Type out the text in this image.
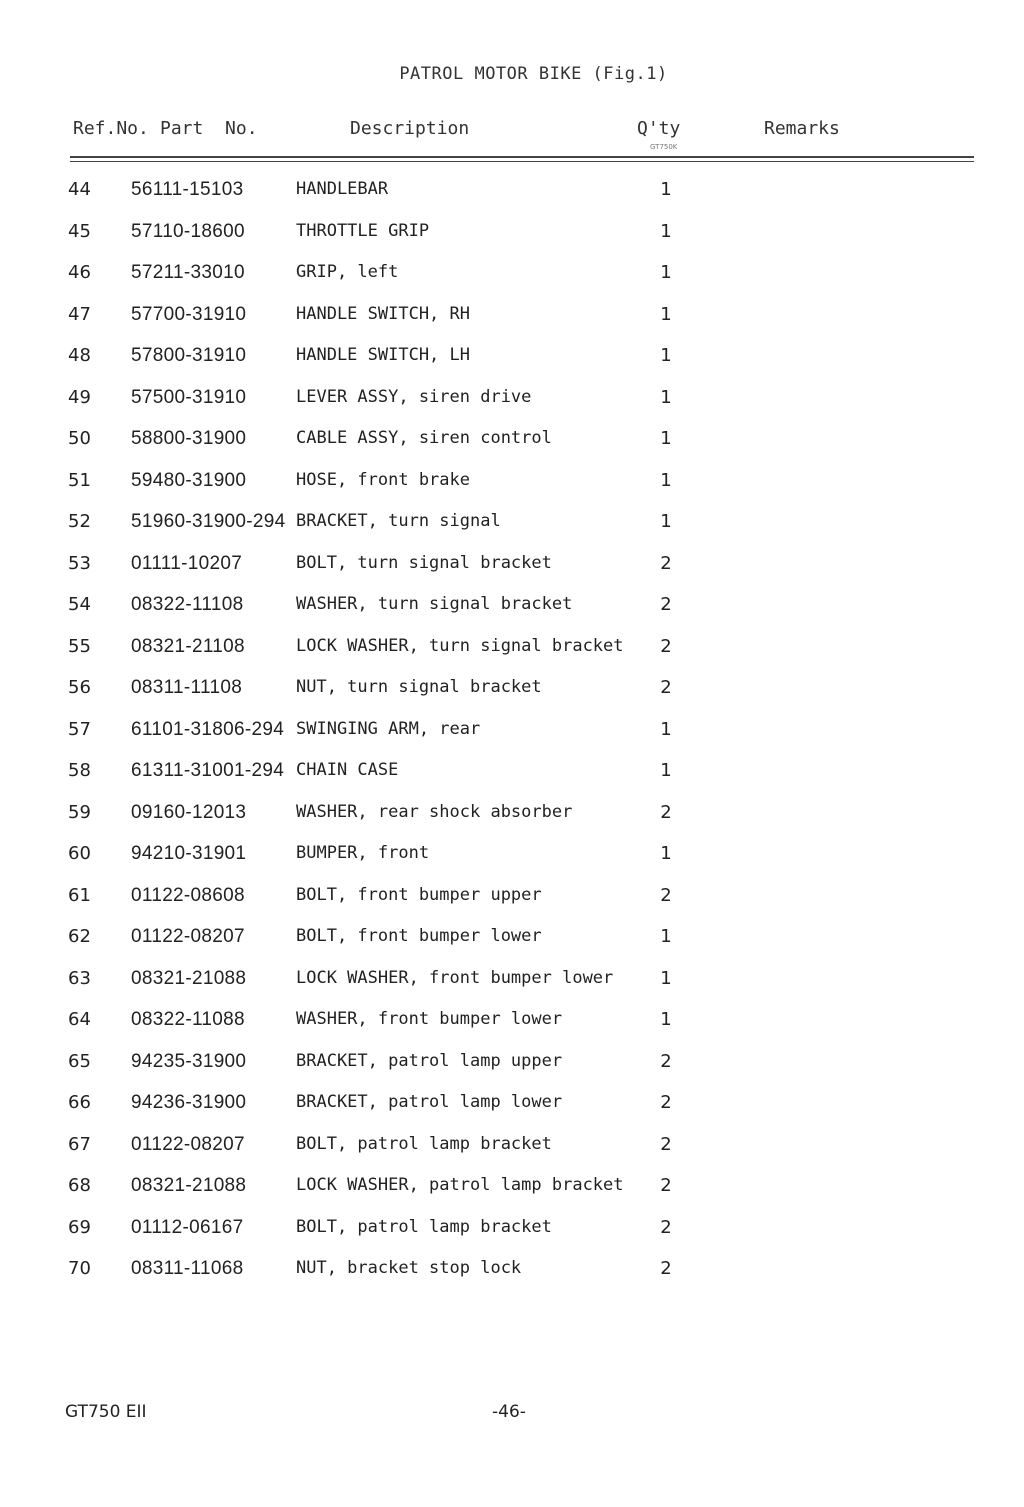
PATROL MOTOR BIKE (Fig.1)
Ref.No. Part  No.	Description	Q'ty
GT750K
Remarks
44 56111-15103	HANDLEBAR	1
45 57110-18600	THROTTLE GRIP	1
46 57211-33010	GRIP, left	1
47 57700-31910	HANDLE SWITCH, RH	1
48 57800-31910	HANDLE SWITCH, LH	1
49 57500-31910	LEVER ASSY, siren drive	1
50 58800-31900	CABLE ASSY, siren control	1
51 59480-31900	HOSE, front brake	1
52 51960-31900-294 BRACKET, turn signal	1
53 01111-10207	BOLT, turn signal bracket	2
54 08322-11108	WASHER, turn signal bracket	2
55 08321-21108	LOCK WASHER, turn signal bracket 2
56 08311-11108	NUT, turn signal bracket	2
57 61101-31806-294 SWINGING ARM, rear	1
58 61311-31001-294 CHAIN CASE	1
59 09160-12013	WASHER, rear shock absorber	2
60 94210-31901	BUMPER, front	1
61 01122-08608	BOLT, front bumper upper	2
62 01122-08207	BOLT, front bumper lower	1
63 08321-21088	LOCK WASHER, front bumper lower	1
64 08322-11088	WASHER, front bumper lower	1
65 94235-31900	BRACKET, patrol lamp upper	2
66 94236-31900	BRACKET, patrol lamp lower	2
67 01122-08207	BOLT, patrol lamp bracket	2
68 08321-21088	LOCK WASHER, patrol lamp bracket 2
69 01112-06167	BOLT, patrol lamp bracket	2
70 08311-11068	NUT, bracket stop lock	2
GT750 EII	-46-
